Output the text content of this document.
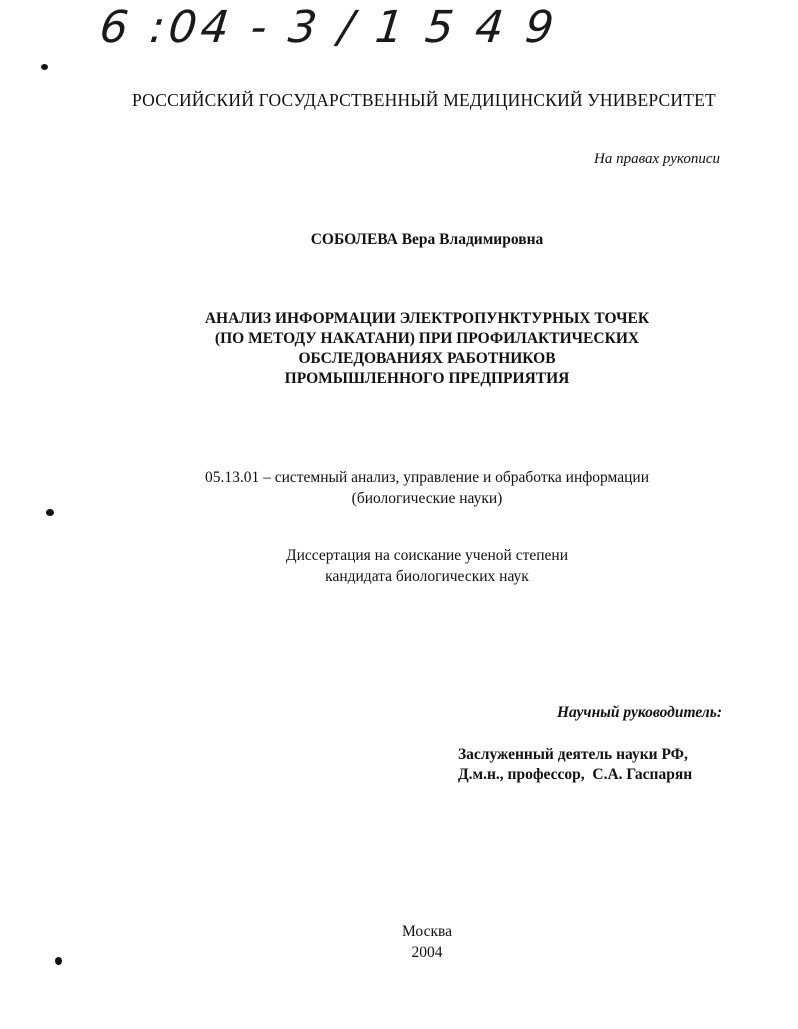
6 :04 - 3 / 1 5 4 9
РОССИЙСКИЙ ГОСУДАРСТВЕННЫЙ МЕДИЦИНСКИЙ УНИВЕРСИТЕТ
На правах рукописи
СОБОЛЕВА Вера Владимировна
АНАЛИЗ ИНФОРМАЦИИ ЭЛЕКТРОПУНКТУРНЫХ ТОЧЕК
(ПО МЕТОДУ НАКАТАНИ) ПРИ ПРОФИЛАКТИЧЕСКИХ
ОБСЛЕДОВАНИЯХ РАБОТНИКОВ
ПРОМЫШЛЕННОГО ПРЕДПРИЯТИЯ
05.13.01 – системный анализ, управление и обработка информации
(биологические науки)
Диссертация на соискание ученой степени
кандидата биологических наук
Научный руководитель:
Заслуженный деятель науки РФ,
Д.м.н., профессор,  С.А. Гаспарян
Москва
2004
